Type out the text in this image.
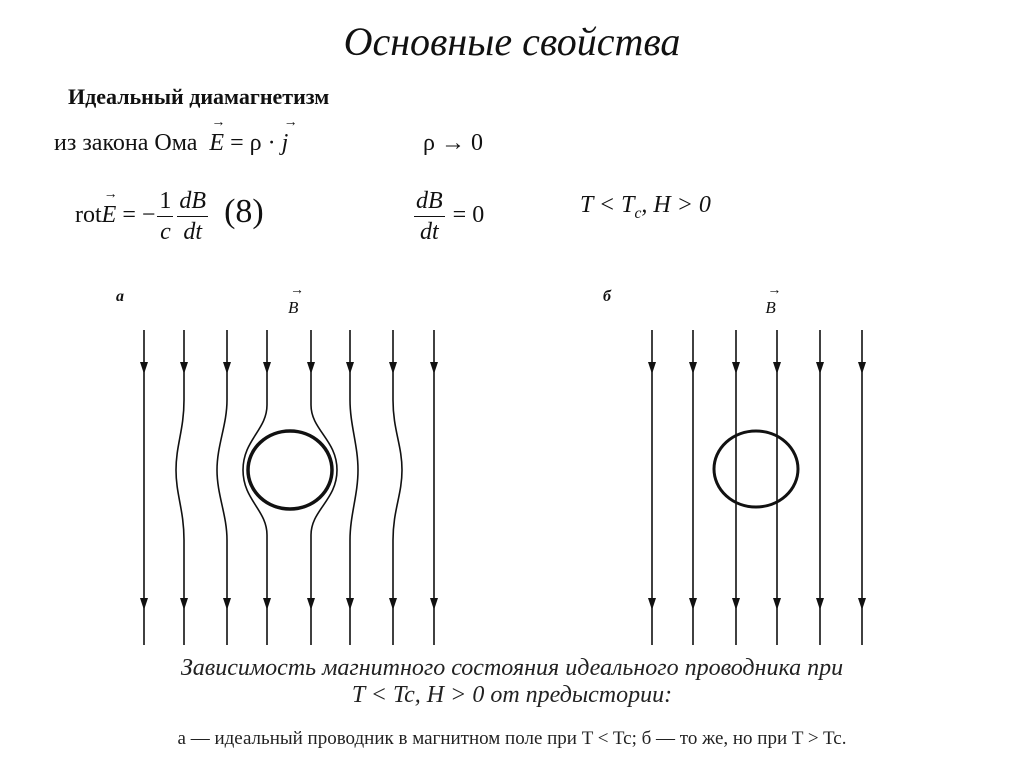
Основные свойства
Идеальный диамагнетизм
из закона Ома → E = ρ · → j	ρ → 0
rot→ E = − $\frac{1}{c} \frac{dB}{dt} (8)$	$\frac{dB}{dt} = 0$	$T < T_c$, H > 0
а
→ B
б
→ B
Зависимость магнитного состояния идеального проводника при
T < Tc, H > 0 от предыстории:
а — идеальный проводник в магнитном поле при T < Tc; б — то же, но при T > Tc.
